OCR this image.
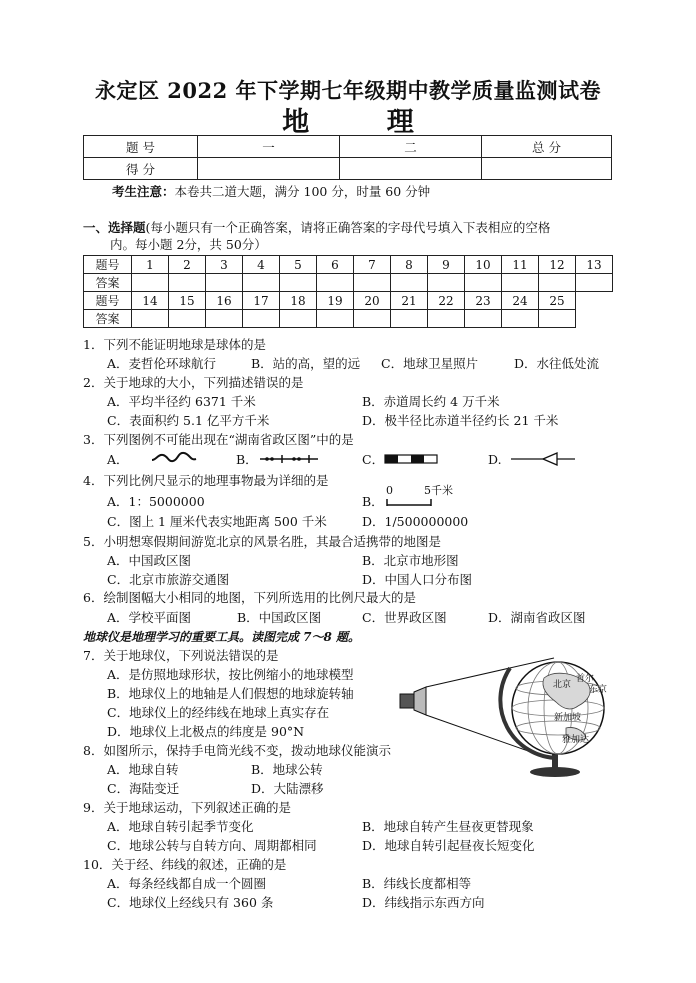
永定区 2022 年下学期七年级期中教学质量监测试卷
地 理
题 号	一	二	总 分
得 分			
考生注意：本卷共二道大题，满分 100 分，时量 60 分钟
一、选择题(每小题只有一个正确答案，请将正确答案的字母代号填入下表相应的空格
内。每小题 2分，共 50分）
题号	1	2	3	4	5	6	7	8	9	10	11	12	13
答案													
题号	14	15	16	17	18	19	20	21	22	23	24	25	
答案													
1．下列不能证明地球是球体的是
A．麦哲伦环球航行	B．站的高，望的远 C．地球卫星照片	D．水往低处流
2．关于地球的大小，下列描述错误的是
A．平均半径约 6371 千米	B．赤道周长约 4 万千米
C．表面积约 5.1 亿平方千米	D．极半径比赤道半径约长 21 千米
3．下列图例不可能出现在“湖南省政区图”中的是
A．	B．	C．	D.
4．下列比例尺显示的地理事物最为详细的是
A．1：5000000	B．
0	5千米
C．图上 1 厘米代表实地距离 500 千米	D．1/500000000
5．小明想寒假期间游览北京的风景名胜，其最合适携带的地图是
A．中国政区图	B．北京市地形图
C．北京市旅游交通图	D．中国人口分布图
6．绘制图幅大小相同的地图，下列所选用的比例尺最大的是
A．学校平面图	B．中国政区图	C．世界政区图	D．湖南省政区图
地球仪是地理学习的重要工具。读图完成 7～8 题。
7．关于地球仪，下列说法错误的是
A．是仿照地球形状，按比例缩小的地球模型
B．地球仪上的地轴是人们假想的地球旋转轴
C．地球仪上的经纬线在地球上真实存在
D．地球仪上北极点的纬度是 90°N
8．如图所示，保持手电筒光线不变，拨动地球仪能演示
A．地球自转	B．地球公转
C．海陆变迁	D．大陆漂移
9．关于地球运动，下列叙述正确的是
A．地球自转引起季节变化	B．地球自转产生昼夜更替现象
C．地球公转与自转方向、周期都相同	D．地球自转引起昼夜长短变化
10．关于经、纬线的叙述，正确的是
A．每条经线都自成一个圆圈	B．纬线长度都相等
C．地球仪上经线只有 360 条	D．纬线指示东西方向
北京 东京
首尔
新加坡
雅加达
